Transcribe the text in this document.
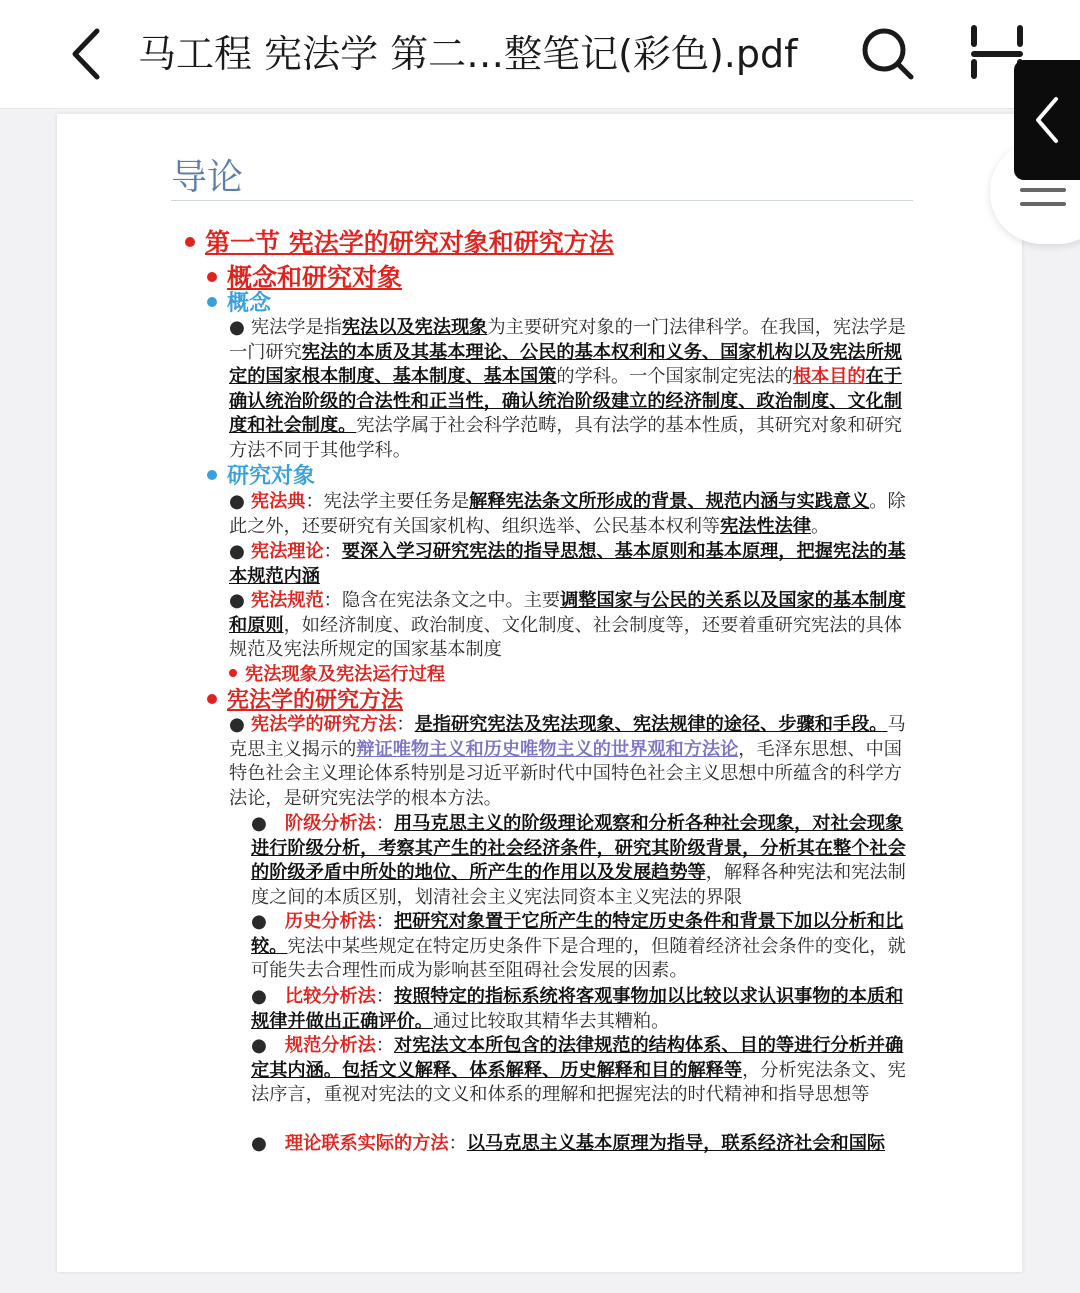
马工程 宪法学 第二…整笔记(彩色).pdf
导论
第一节 宪法学的研究对象和研究方法
概念和研究对象
概念
● 宪法学是指宪法以及宪法现象为主要研究对象的一门法律科学。在我国，宪法学是一门研究宪法的本质及其基本理论、公民的基本权利和义务、国家机构以及宪法所规定的国家根本制度、基本制度、基本国策的学科。一个国家制定宪法的根本目的在于确认统治阶级的合法性和正当性，确认统治阶级建立的经济制度、政治制度、文化制度和社会制度。宪法学属于社会科学范畴，具有法学的基本性质，其研究对象和研究方法不同于其他学科。
研究对象
● 宪法典：宪法学主要任务是解释宪法条文所形成的背景、规范内涵与实践意义。除此之外，还要研究有关国家机构、组织选举、公民基本权利等宪法性法律。
● 宪法理论：要深入学习研究宪法的指导思想、基本原则和基本原理，把握宪法的基本规范内涵
● 宪法规范：隐含在宪法条文之中。主要调整国家与公民的关系以及国家的基本制度和原则，如经济制度、政治制度、文化制度、社会制度等，还要着重研究宪法的具体规范及宪法所规定的国家基本制度
宪法现象及宪法运行过程
宪法学的研究方法
● 宪法学的研究方法：是指研究宪法及宪法现象、宪法规律的途径、步骤和手段。马克思主义揭示的辩证唯物主义和历史唯物主义的世界观和方法论，毛泽东思想、中国特色社会主义理论体系特别是习近平新时代中国特色社会主义思想中所蕴含的科学方法论，是研究宪法学的根本方法。
● 阶级分析法：用马克思主义的阶级理论观察和分析各种社会现象，对社会现象进行阶级分析，考察其产生的社会经济条件，研究其阶级背景，分析其在整个社会的阶级矛盾中所处的地位、所产生的作用以及发展趋势等，解释各种宪法和宪法制度之间的本质区别，划清社会主义宪法同资本主义宪法的界限
● 历史分析法：把研究对象置于它所产生的特定历史条件和背景下加以分析和比较。宪法中某些规定在特定历史条件下是合理的，但随着经济社会条件的变化，就可能失去合理性而成为影响甚至阻碍社会发展的因素。
● 比较分析法：按照特定的指标系统将客观事物加以比较以求认识事物的本质和规律并做出正确评价。通过比较取其精华去其糟粕。
● 规范分析法：对宪法文本所包含的法律规范的结构体系、目的等进行分析并确定其内涵。包括文义解释、体系解释、历史解释和目的解释等，分析宪法条文、宪法序言，重视对宪法的文义和体系的理解和把握宪法的时代精神和指导思想等
● 理论联系实际的方法：以马克思主义基本原理为指导，联系经济社会和国际
